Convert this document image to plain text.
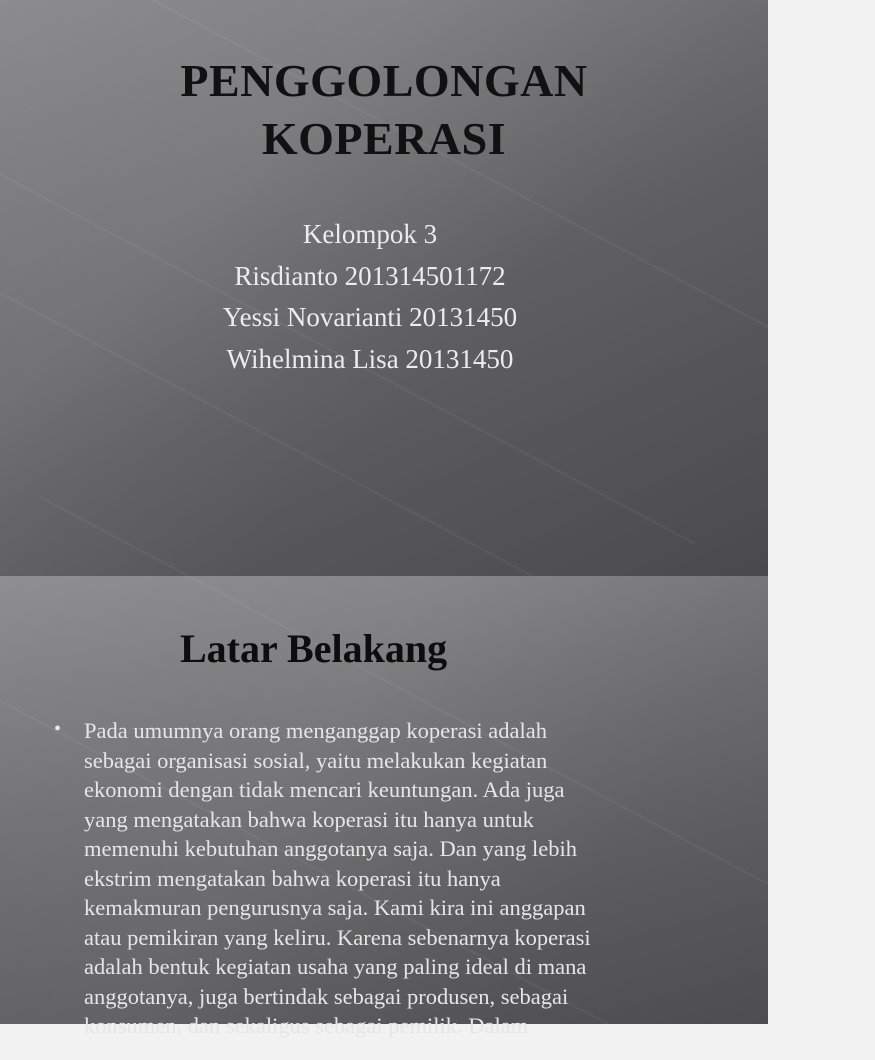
PENGGOLONGAN
KOPERASI
Kelompok 3
Risdianto 201314501172
Yessi Novarianti 20131450
Wihelmina Lisa 20131450
Latar Belakang
• Pada umumnya orang menganggap koperasi adalah
sebagai organisasi sosial, yaitu melakukan kegiatan
ekonomi dengan tidak mencari keuntungan. Ada juga
yang mengatakan bahwa koperasi itu hanya untuk
memenuhi kebutuhan anggotanya saja. Dan yang lebih
ekstrim mengatakan bahwa koperasi itu hanya
kemakmuran pengurusnya saja. Kami kira ini anggapan
atau pemikiran yang keliru. Karena sebenarnya koperasi
adalah bentuk kegiatan usaha yang paling ideal di mana
anggotanya, juga bertindak sebagai produsen, sebagai
konsumen, dan sekaligus sebagai pemilik. Dalam
